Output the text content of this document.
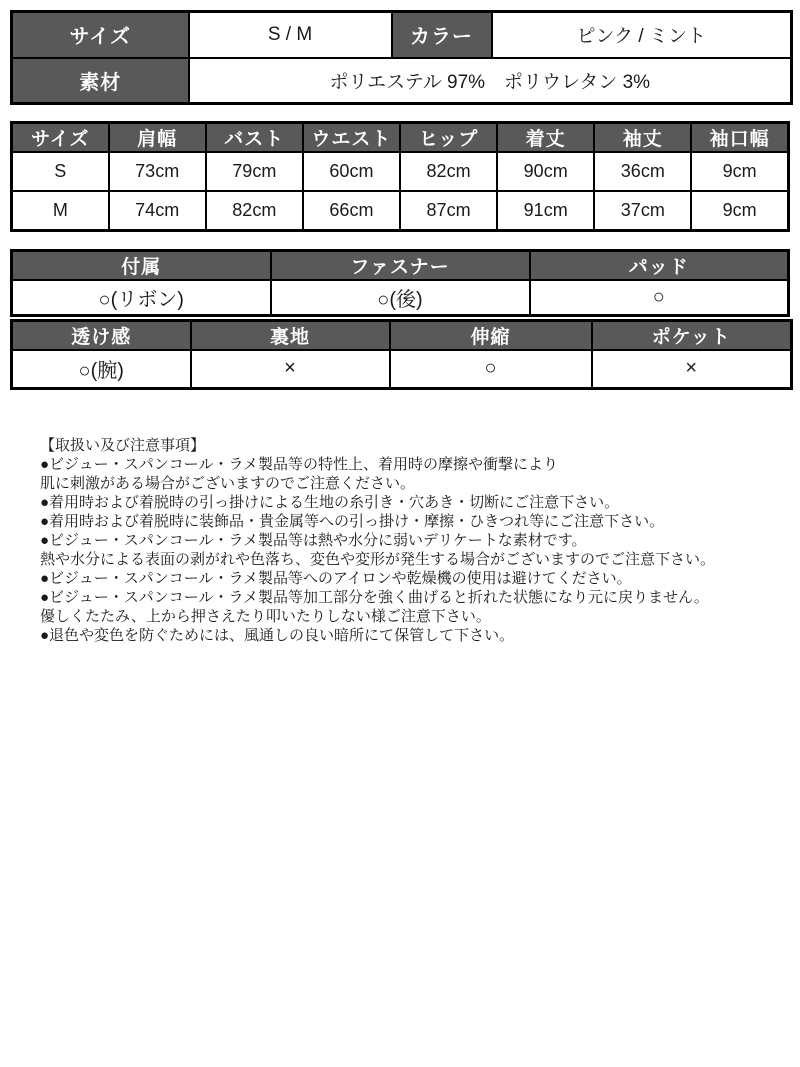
サイズ	S / M	カラー	ピンク / ミント
素材	ポリエステル 97%　ポリウレタン 3%		
サイズ	肩幅	バスト	ウエスト	ヒップ	着丈	袖丈	袖口幅
S	73cm	79cm	60cm	82cm	90cm	36cm	9cm
M	74cm	82cm	66cm	87cm	91cm	37cm	9cm
付属	ファスナー	パッド
○(リボン)	○(後)	○
透け感	裏地	伸縮	ポケット
○(腕)	×	○	×
【取扱い及び注意事項】
●ビジュー・スパンコール・ラメ製品等の特性上、着用時の摩擦や衝撃により
肌に刺激がある場合がございますのでご注意ください。
●着用時および着脱時の引っ掛けによる生地の糸引き・穴あき・切断にご注意下さい。
●着用時および着脱時に装飾品・貴金属等への引っ掛け・摩擦・ひきつれ等にご注意下さい。
●ビジュー・スパンコール・ラメ製品等は熱や水分に弱いデリケートな素材です。
熱や水分による表面の剥がれや色落ち、変色や変形が発生する場合がございますのでご注意下さい。
●ビジュー・スパンコール・ラメ製品等へのアイロンや乾燥機の使用は避けてください。
●ビジュー・スパンコール・ラメ製品等加工部分を強く曲げると折れた状態になり元に戻りません。
優しくたたみ、上から押さえたり叩いたりしない様ご注意下さい。
●退色や変色を防ぐためには、風通しの良い暗所にて保管して下さい。
